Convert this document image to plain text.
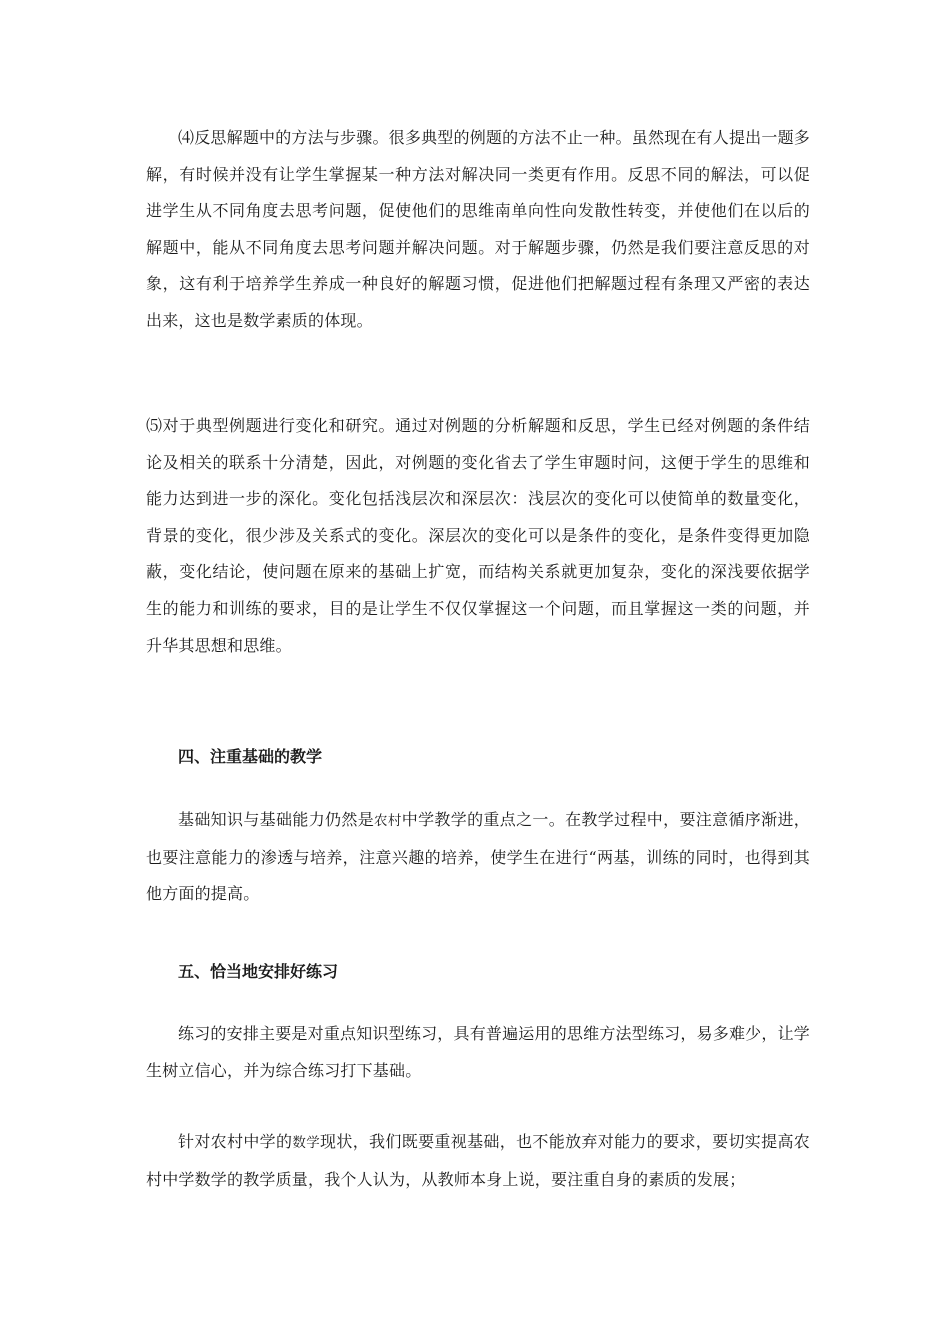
⑷反思解题中的方法与步骤。很多典型的例题的方法不止一种。虽然现在有人提出一题多解，有时候并没有让学生掌握某一种方法对解决同一类更有作用。反思不同的解法，可以促进学生从不同角度去思考问题，促使他们的思维南单向性向发散性转变，并使他们在以后的解题中，能从不同角度去思考问题并解决问题。对于解题步骤，仍然是我们要注意反思的对象，这有利于培养学生养成一种良好的解题习惯，促进他们把解题过程有条理又严密的表达出来，这也是数学素质的体现。

⑸对于典型例题进行变化和研究。通过对例题的分析解题和反思，学生已经对例题的条件结论及相关的联系十分清楚，因此，对例题的变化省去了学生审题时问，这便于学生的思维和能力达到进一步的深化。变化包括浅层次和深层次：浅层次的变化可以使简单的数量变化，背景的变化，很少涉及关系式的变化。深层次的变化可以是条件的变化，是条件变得更加隐蔽，变化结论，使问题在原来的基础上扩宽，而结构关系就更加复杂，变化的深浅要依据学生的能力和训练的要求，目的是让学生不仅仅掌握这一个问题，而且掌握这一类的问题，并升华其思想和思维。

四、注重基础的教学

基础知识与基础能力仍然是农村中学教学的重点之一。在教学过程中，要注意循序渐进，也要注意能力的渗透与培养，注意兴趣的培养，使学生在进行“两基，训练的同时，也得到其他方面的提高。

五、恰当地安排好练习

练习的安排主要是对重点知识型练习，具有普遍运用的思维方法型练习，易多难少，让学生树立信心，并为综合练习打下基础。

针对农村中学的数学现状，我们既要重视基础，也不能放弃对能力的要求，要切实提高农村中学数学的教学质量，我个人认为，从教师本身上说，要注重自身的素质的发展；
